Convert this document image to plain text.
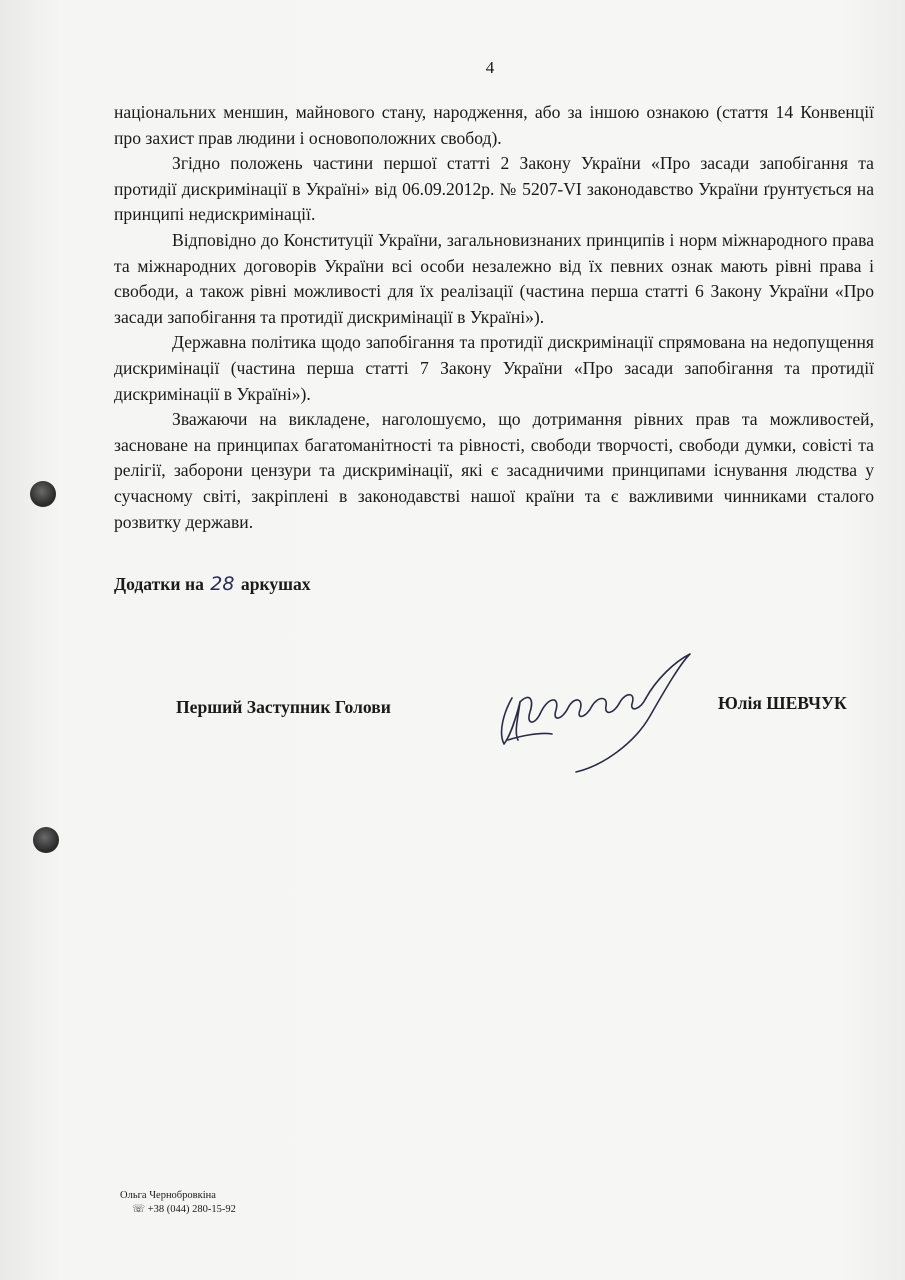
4

національних меншин, майнового стану, народження, або за іншою ознакою (стаття 14 Конвенції про захист прав людини і основоположних свобод).

Згідно положень частини першої статті 2 Закону України «Про засади запобігання та протидії дискримінації в Україні» від 06.09.2012р. № 5207-VI законодавство України ґрунтується на принципі недискримінації.

Відповідно до Конституції України, загальновизнаних принципів і норм міжнародного права та міжнародних договорів України всі особи незалежно від їх певних ознак мають рівні права і свободи, а також рівні можливості для їх реалізації (частина перша статті 6 Закону України «Про засади запобігання та протидії дискримінації в Україні»).

Державна політика щодо запобігання та протидії дискримінації спрямована на недопущення дискримінації (частина перша статті 7 Закону України «Про засади запобігання та протидії дискримінації в Україні»).

Зважаючи на викладене, наголошуємо, що дотримання рівних прав та можливостей, засноване на принципах багатоманітності та рівності, свободи творчості, свободи думки, совісті та релігії, заборони цензури та дискримінації, які є засадничими принципами існування людства у сучасному світі, закріплені в законодавстві нашої країни та є важливими чинниками сталого розвитку держави.

Додатки на 28 аркушах
Перший Заступник Голови	Юлія ШЕВЧУК
Ольга Чернобровкіна
☏ +38 (044) 280-15-92
